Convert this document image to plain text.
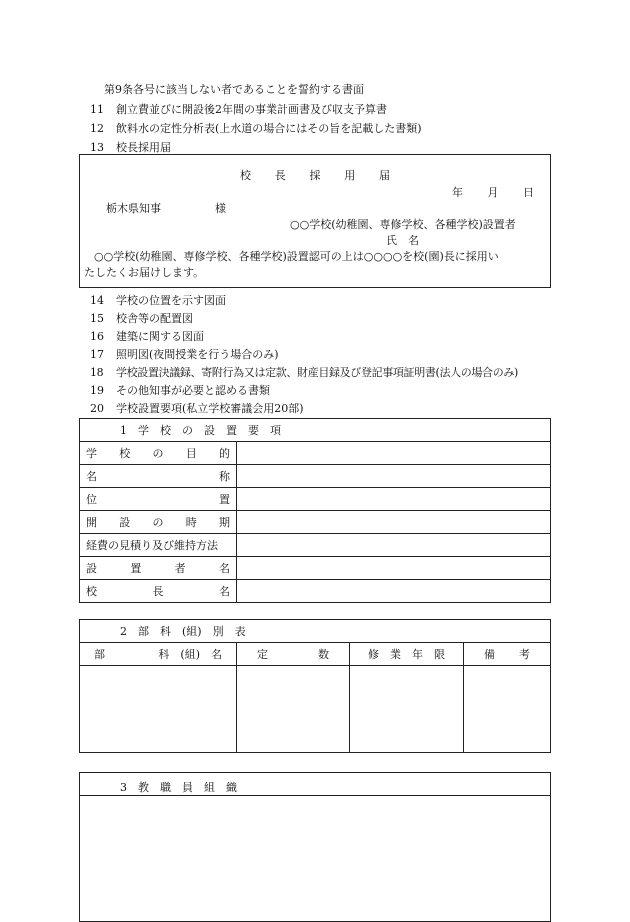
第9条各号に該当しない者であることを誓約する書面
11 創立費並びに開設後2年間の事業計画書及び収支予算書
12 飲料水の定性分析表(上水道の場合にはその旨を記載した書類)
13 校長採用届
校 長 採 用 届
年 月 日
栃木県知事	様
○○学校(幼稚園、専修学校、各種学校)設置者
氏　名
○○学校(幼稚園、専修学校、各種学校)設置認可の上は○○○○を校(園)長に採用い
たしたくお届けします。
14 学校の位置を示す図面
15 校舎等の配置図
16 建築に関する図面
17 照明図(夜間授業を行う場合のみ)
18 学校設置決議録、寄附行為又は定款、財産目録及び登記事項証明書(法人の場合のみ)
19 その他知事が必要と認める書類
20 学校設置要項(私立学校審議会用20部)
1　学　校　の　設　置　要　項	

学 校 の 目 的	

名 称	

位 置	

開 設 の 時 期	

経費の見積り及び維持方法	

設 置 者 名	

校 長 名	

2　部　科　(組)　別　表			

部 科　(組)　名	定 数	修　業　年　限	備 考

3　教　職　員　組　織
